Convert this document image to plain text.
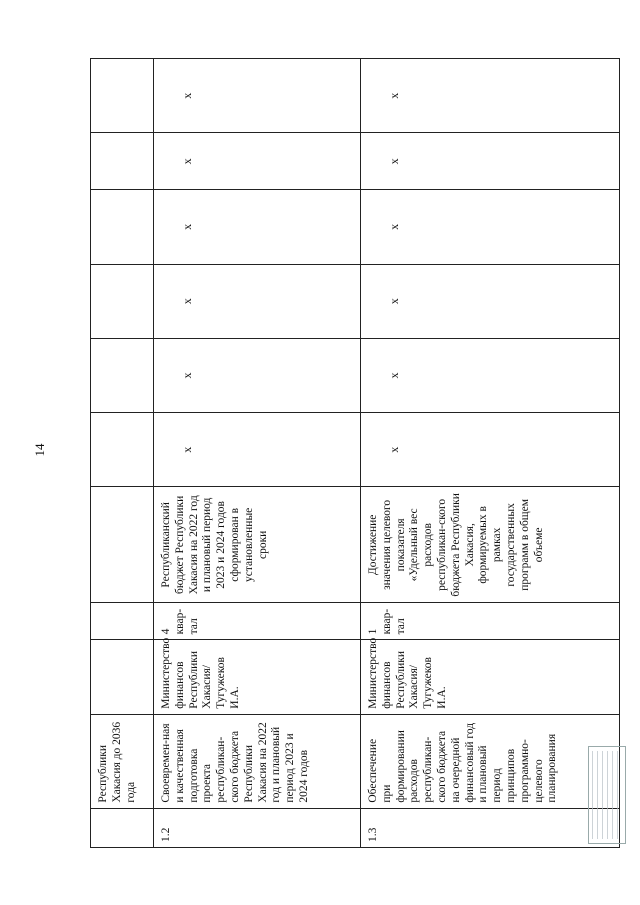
14
	Республики Хакасия до 2036 года									
1.2	Своевремен-ная и качественная подготовка проекта республикан-ского бюджета Республики Хакасия на 2022 год и плановый период 2023 и 2024 годов	Министерство финансов Республики Хакасия/ Тугужеков И.А.	4 квар-тал	Республиканский бюджет Республики Хакасия на 2022 год и плановый период 2023 и 2024 годов сформирован в установленные сроки	х	х	х	х	х	х
1.3	Обеспечение при формировании расходов республикан-ского бюджета на очередной финансовый год и плановый период принципов программно-целевого планирования	Министерство финансов Республики Хакасия/ Тугужеков И.А.	1 квар-тал	Достижение значения целевого показателя «Удельный вес расходов республикан-ского бюджета Республики Хакасия, формируемых в рамках государственных программ в общем объеме	х	х	х	х	х	х
